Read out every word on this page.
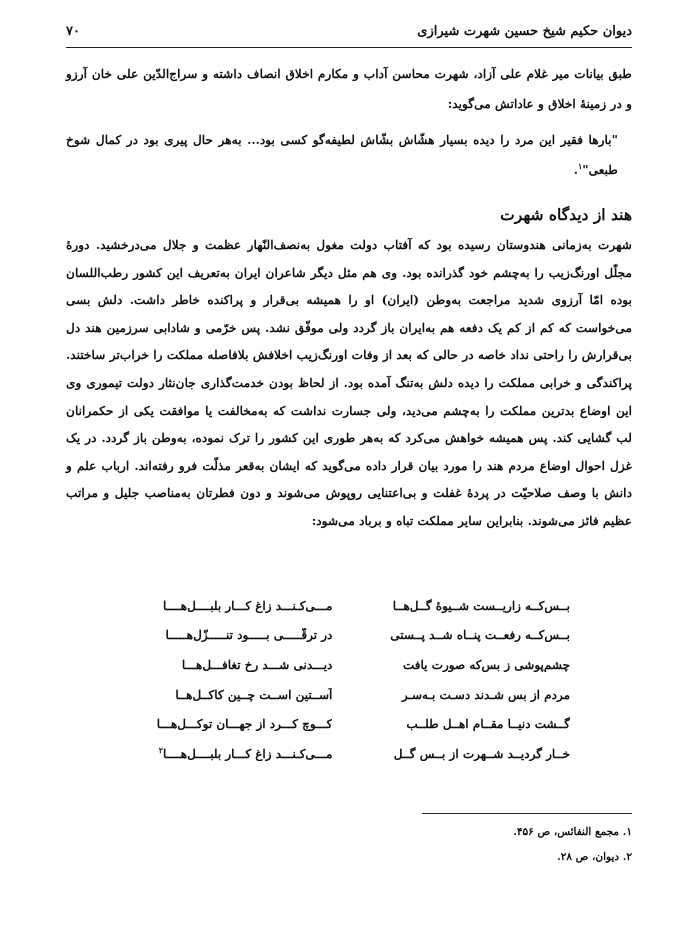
دیوان حکیم شیخ حسین شهرت شیرازی
۷۰

طبق بیانات میر غلام علی آزاد، شهرت محاسن آداب و مکارم اخلاق انصاف داشته و سراج‌الدّین علی خان آرزو و در زمینهٔ اخلاق و عاداتش می‌گوید:

"بارها فقیر این مرد را دیده بسیار هشّاش بشّاش لطیفه‌گو کسی بود... به‌هر حال پیری بود در کمال شوخ طبعی"$^۱$.

هند از دیدگاه شهرت

شهرت به‌زمانی هندوستان رسیده بود که آفتاب دولت مغول به‌نصف‌النّهار عظمت و جلال می‌درخشید. دورهٔ مجلّل اورنگ‌زیب را به‌چشم خود گذرانده بود. وی هم مثل دیگر شاعران ایران به‌تعریف این کشور رطب‌اللسان بوده امّا آرزوی شدید مراجعت به‌وطن (ایران) او را همیشه بی‌قرار و پراکنده خاطر داشت. دلش بسی می‌خواست که کم از کم یک دفعه هم به‌ایران باز گردد ولی موفّق نشد. پس خرّمی و شادابی سرزمین هند دل بی‌قرارش را راحتی نداد خاصه در حالی که بعد از وفات اورنگ‌زیب اخلافش بلافاصله مملکت را خراب‌تر ساختند. پراکندگی و خرابی مملکت را دیده دلش به‌تنگ آمده بود. از لحاظ بودن خدمت‌گذاری جان‌نثار دولت تیموری وی این اوضاع بدترین مملکت را به‌چشم می‌دید، ولی جسارت نداشت که به‌مخالفت یا موافقت یکی از حکمرانان لب گشایی کند. پس همیشه خواهش می‌کرد که به‌هر طوری این کشور را ترک نموده، به‌وطن باز گردد. در یک غزل احوال اوضاع مردم هند را مورد بیان قرار داده می‌گوید که ایشان به‌قعر مذلّت فرو رفته‌اند. ارباب علم و دانش با وصف صلاحیّت در پردهٔ غفلت و بی‌اعتنایی روپوش می‌شوند و دون فطرتان به‌مناصب جلیل و مراتب عظیم فائز می‌شوند. بنابراین سایر مملکت تباه و برباد می‌شود:

بــس‌کــه زاریــست شــیوهٔ گــل‌هــا
مـــی‌کـنـــد زاغ کـــار بلبــــل‌هــــا
بــس‌کــه رفعــت پنــاه شــد پــستی
در ترقّـــــی بـــــود تنـــــزّل‌هـــــا
چشم‌پوشی ز بس‌که صورت یافت
دیـــدنی شـــد رخ تغافـــل‌هـــا
مردم از بس شـدند دسـت بـه‌سـر
آســتین اســت چــین کاکــل‌هــا
گــشت دنیــا مقــام اهــل طلــب
کـــوچ کـــرد از جهـــان توکـــل‌هـــا
خــار گردیــد شــهرت از بــس گــل
مـــی‌کـنـــد زاغ کـــار بلبــــل‌هــــا$^۲$
۱. مجمع النفائس، ص ۴۵۶.
۲. دیوان، ص ۲۸.
